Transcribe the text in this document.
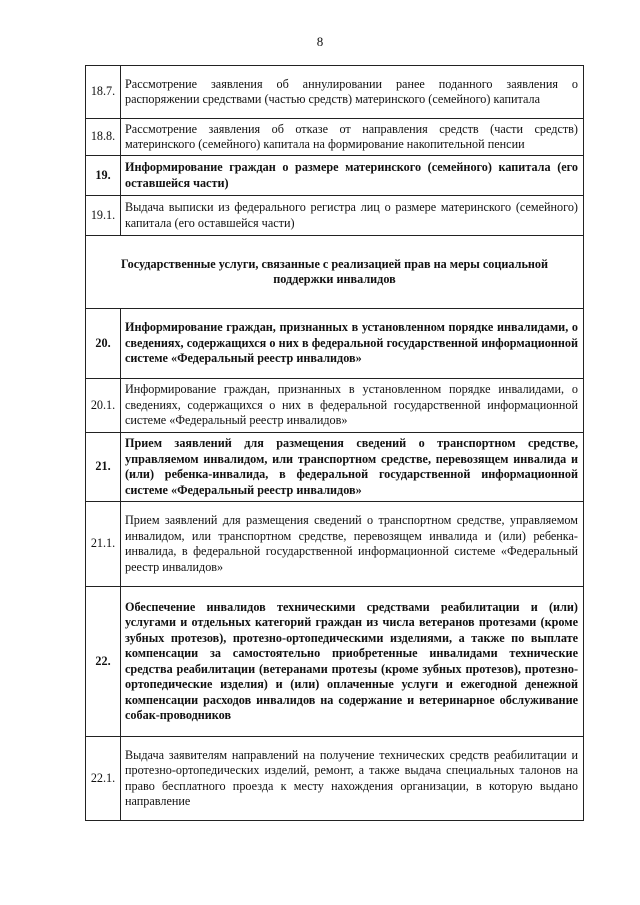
8
18.7.	Рассмотрение заявления об аннулировании ранее поданного заявления о распоряжении средствами (частью средств) материнского (семейного) капитала
18.8.	Рассмотрение заявления об отказе от направления средств (части средств) материнского (семейного) капитала на формирование накопительной пенсии
19.	Информирование граждан о размере материнского (семейного) капитала (его оставшейся части)
19.1.	Выдача выписки из федерального регистра лиц о размере материнского (семейного) капитала (его оставшейся части)
Государственные услуги, связанные с реализацией прав на меры социальной поддержки инвалидов	
20.	Информирование граждан, признанных в установленном порядке инвалидами, о сведениях, содержащихся о них в федеральной государственной информационной системе «Федеральный реестр инвалидов»
20.1.	Информирование граждан, признанных в установленном порядке инвалидами, о сведениях, содержащихся о них в федеральной государственной информационной системе «Федеральный реестр инвалидов»
21.	Прием заявлений для размещения сведений о транспортном средстве, управляемом инвалидом, или транспортном средстве, перевозящем инвалида и (или) ребенка-инвалида, в федеральной государственной информационной системе «Федеральный реестр инвалидов»
21.1.	Прием заявлений для размещения сведений о транспортном средстве, управляемом инвалидом, или транспортном средстве, перевозящем инвалида и (или) ребенка-инвалида, в федеральной государственной информационной системе «Федеральный реестр инвалидов»
22.	Обеспечение инвалидов техническими средствами реабилитации и (или) услугами и отдельных категорий граждан из числа ветеранов протезами (кроме зубных протезов), протезно-ортопедическими изделиями, а также по выплате компенсации за самостоятельно приобретенные инвалидами технические средства реабилитации (ветеранами протезы (кроме зубных протезов), протезно-ортопедические изделия) и (или) оплаченные услуги и ежегодной денежной компенсации расходов инвалидов на содержание и ветеринарное обслуживание собак-проводников
22.1.	Выдача заявителям направлений на получение технических средств реабилитации и протезно-ортопедических изделий, ремонт, а также выдача специальных талонов на право бесплатного проезда к месту нахождения организации, в которую выдано направление
